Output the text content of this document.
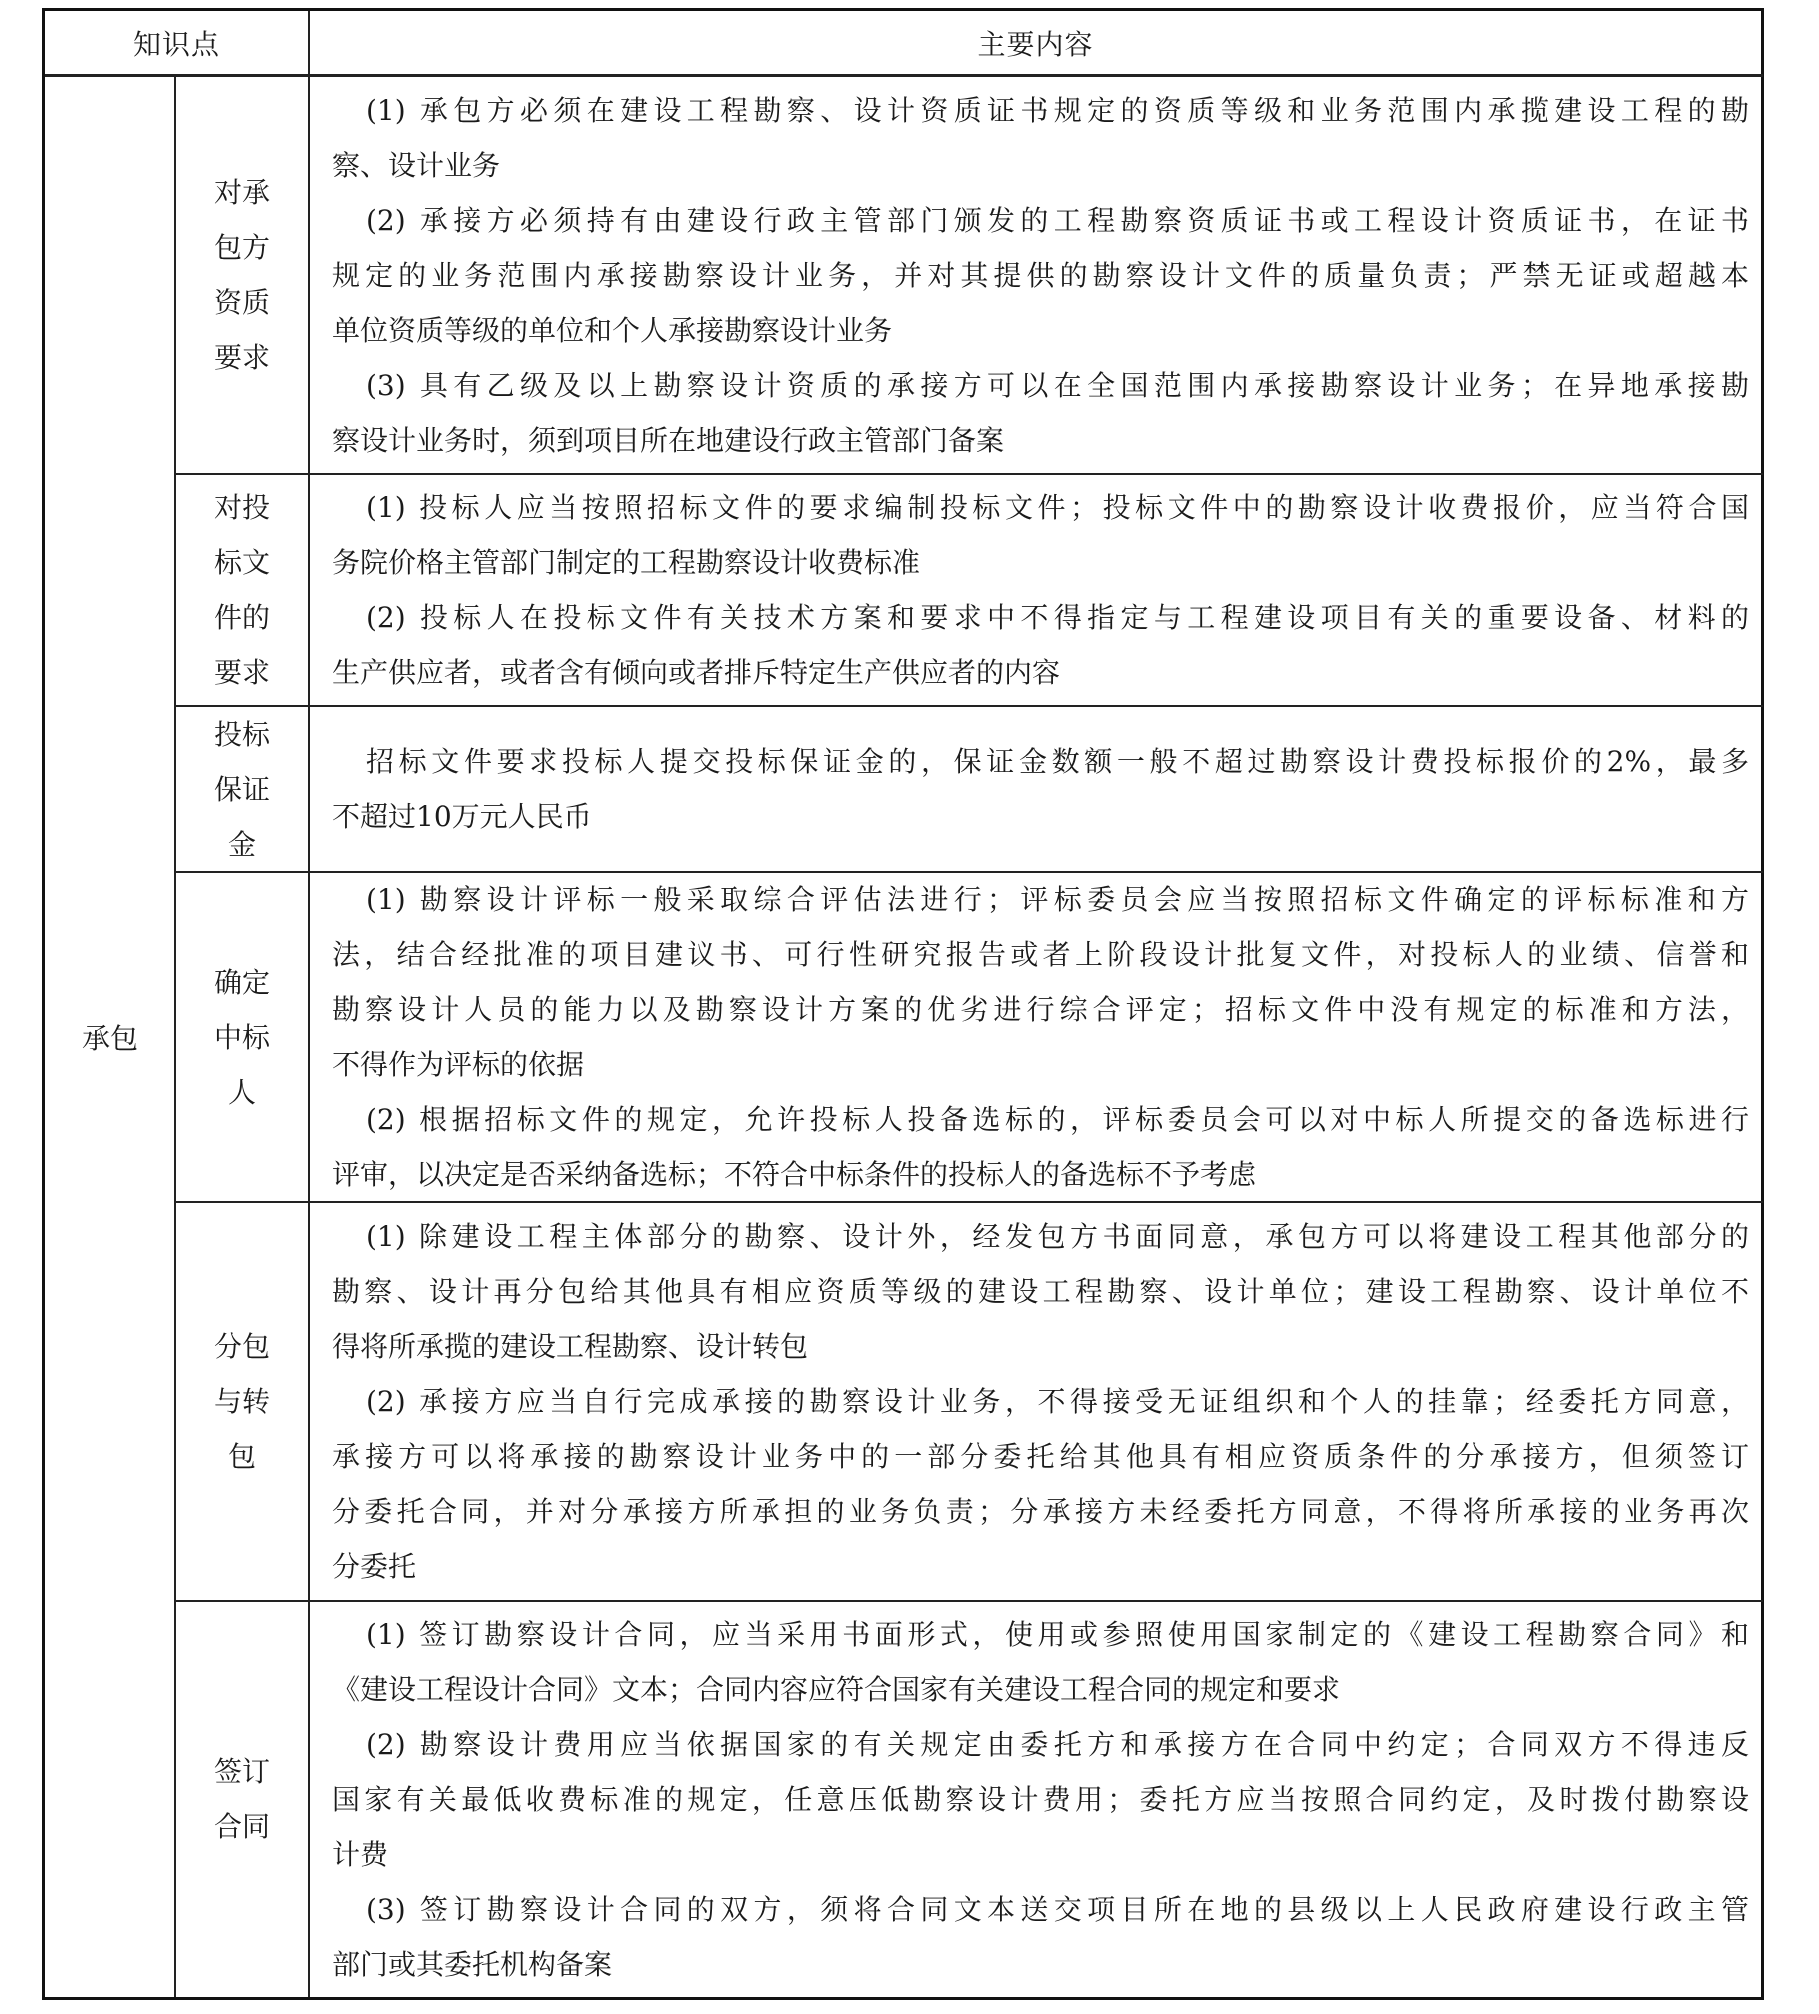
知识点	主要内容
承包
对承
包方
资质
要求
(1) 承包方必须在建设工程勘察、设计资质证书规定的资质等级和业务范围内承揽建设工程的勘
察、设计业务
(2) 承接方必须持有由建设行政主管部门颁发的工程勘察资质证书或工程设计资质证书，在证书
规定的业务范围内承接勘察设计业务，并对其提供的勘察设计文件的质量负责；严禁无证或超越本
单位资质等级的单位和个人承接勘察设计业务
(3) 具有乙级及以上勘察设计资质的承接方可以在全国范围内承接勘察设计业务；在异地承接勘
察设计业务时，须到项目所在地建设行政主管部门备案
对投
标文
件的
要求
(1) 投标人应当按照招标文件的要求编制投标文件；投标文件中的勘察设计收费报价，应当符合国
务院价格主管部门制定的工程勘察设计收费标准
(2) 投标人在投标文件有关技术方案和要求中不得指定与工程建设项目有关的重要设备、材料的
生产供应者，或者含有倾向或者排斥特定生产供应者的内容
投标
保证
金
招标文件要求投标人提交投标保证金的，保证金数额一般不超过勘察设计费投标报价的2%，最多
不超过10万元人民币
确定
中标
人
(1) 勘察设计评标一般采取综合评估法进行；评标委员会应当按照招标文件确定的评标标准和方
法，结合经批准的项目建议书、可行性研究报告或者上阶段设计批复文件，对投标人的业绩、信誉和
勘察设计人员的能力以及勘察设计方案的优劣进行综合评定；招标文件中没有规定的标准和方法，
不得作为评标的依据
(2) 根据招标文件的规定，允许投标人投备选标的，评标委员会可以对中标人所提交的备选标进行
评审，以决定是否采纳备选标；不符合中标条件的投标人的备选标不予考虑
分包
与转
包
(1) 除建设工程主体部分的勘察、设计外，经发包方书面同意，承包方可以将建设工程其他部分的
勘察、设计再分包给其他具有相应资质等级的建设工程勘察、设计单位；建设工程勘察、设计单位不
得将所承揽的建设工程勘察、设计转包
(2) 承接方应当自行完成承接的勘察设计业务，不得接受无证组织和个人的挂靠；经委托方同意，
承接方可以将承接的勘察设计业务中的一部分委托给其他具有相应资质条件的分承接方，但须签订
分委托合同，并对分承接方所承担的业务负责；分承接方未经委托方同意，不得将所承接的业务再次
分委托
签订
合同
(1) 签订勘察设计合同，应当采用书面形式，使用或参照使用国家制定的《建设工程勘察合同》和
《建设工程设计合同》文本；合同内容应符合国家有关建设工程合同的规定和要求
(2) 勘察设计费用应当依据国家的有关规定由委托方和承接方在合同中约定；合同双方不得违反
国家有关最低收费标准的规定，任意压低勘察设计费用；委托方应当按照合同约定，及时拨付勘察设
计费
(3) 签订勘察设计合同的双方，须将合同文本送交项目所在地的县级以上人民政府建设行政主管
部门或其委托机构备案
